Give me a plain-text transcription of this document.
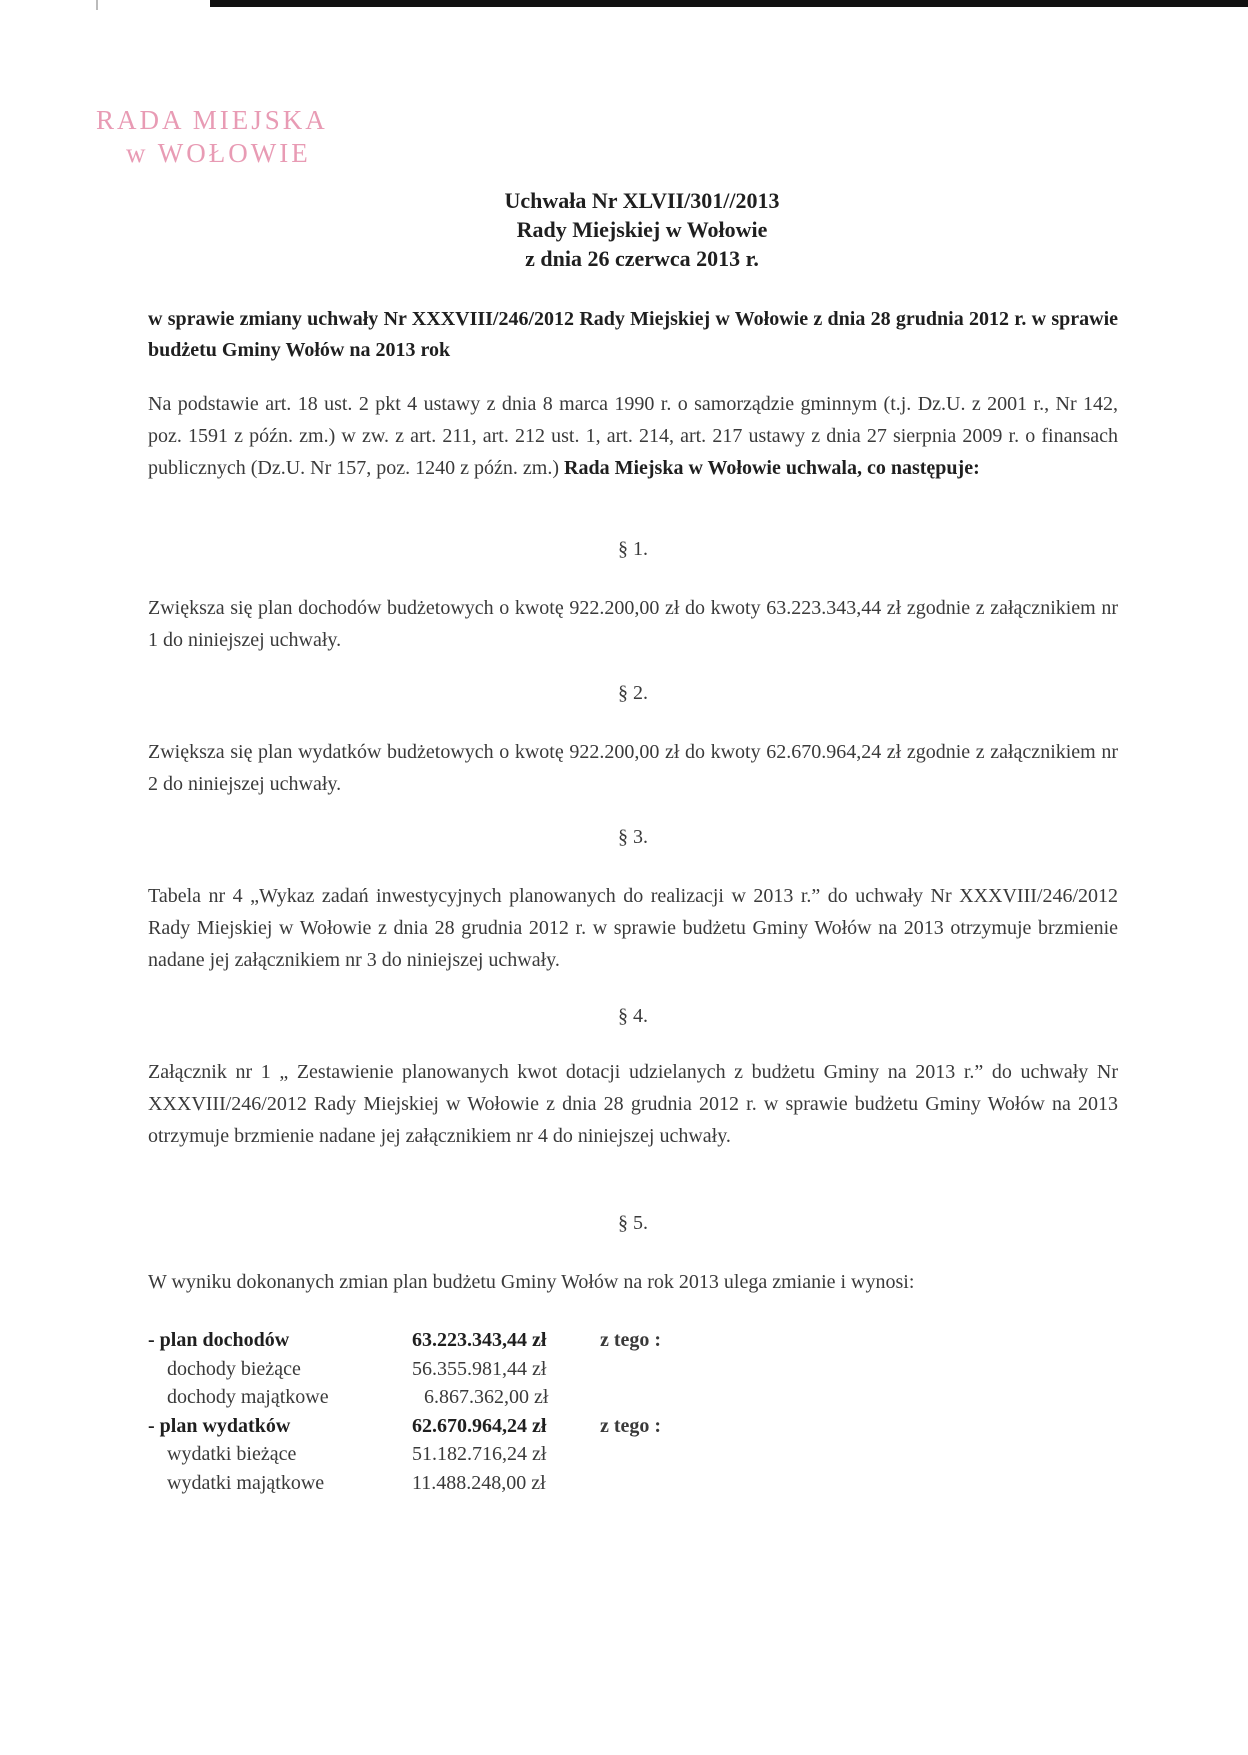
RADA MIEJSKA
w WOŁOWIE
Uchwała Nr XLVII/301//2013
Rady Miejskiej w Wołowie
z dnia 26 czerwca 2013 r.
w sprawie zmiany uchwały Nr XXXVIII/246/2012 Rady Miejskiej w Wołowie z dnia 28 grudnia 2012 r. w sprawie budżetu Gminy Wołów na 2013 rok
Na podstawie art. 18 ust. 2 pkt 4 ustawy z dnia 8 marca 1990 r. o samorządzie gminnym (t.j. Dz.U. z 2001 r., Nr 142, poz. 1591 z późn. zm.) w zw. z art. 211, art. 212 ust. 1, art. 214, art. 217 ustawy z dnia 27 sierpnia 2009 r. o finansach publicznych (Dz.U. Nr 157, poz. 1240 z późn. zm.) Rada Miejska w Wołowie uchwala, co następuje:
§ 1.
Zwiększa się plan dochodów budżetowych o kwotę 922.200,00 zł do kwoty 63.223.343,44 zł zgodnie z załącznikiem nr 1 do niniejszej uchwały.
§ 2.
Zwiększa się plan wydatków budżetowych o kwotę 922.200,00 zł do kwoty 62.670.964,24 zł zgodnie z załącznikiem nr 2 do niniejszej uchwały.
§ 3.
Tabela nr 4 „Wykaz zadań inwestycyjnych planowanych do realizacji w 2013 r.” do uchwały Nr XXXVIII/246/2012 Rady Miejskiej w Wołowie z dnia 28 grudnia 2012 r. w sprawie budżetu Gminy Wołów na 2013 otrzymuje brzmienie nadane jej załącznikiem nr 3 do niniejszej uchwały.
§ 4.
Załącznik nr 1 „ Zestawienie planowanych kwot dotacji udzielanych z budżetu Gminy na 2013 r.” do uchwały Nr XXXVIII/246/2012 Rady Miejskiej w Wołowie z dnia 28 grudnia 2012 r. w sprawie budżetu Gminy Wołów na 2013 otrzymuje brzmienie nadane jej załącznikiem nr 4 do niniejszej uchwały.
§ 5.
W wyniku dokonanych zmian plan budżetu Gminy Wołów na rok 2013 ulega zmianie i wynosi:
- plan dochodów	63.223.343,44 zł	z tego :
dochody bieżące	56.355.981,44 zł
dochody majątkowe	6.867.362,00 zł
- plan wydatków	62.670.964,24 zł	z tego :
wydatki bieżące	51.182.716,24 zł
wydatki majątkowe	11.488.248,00 zł
